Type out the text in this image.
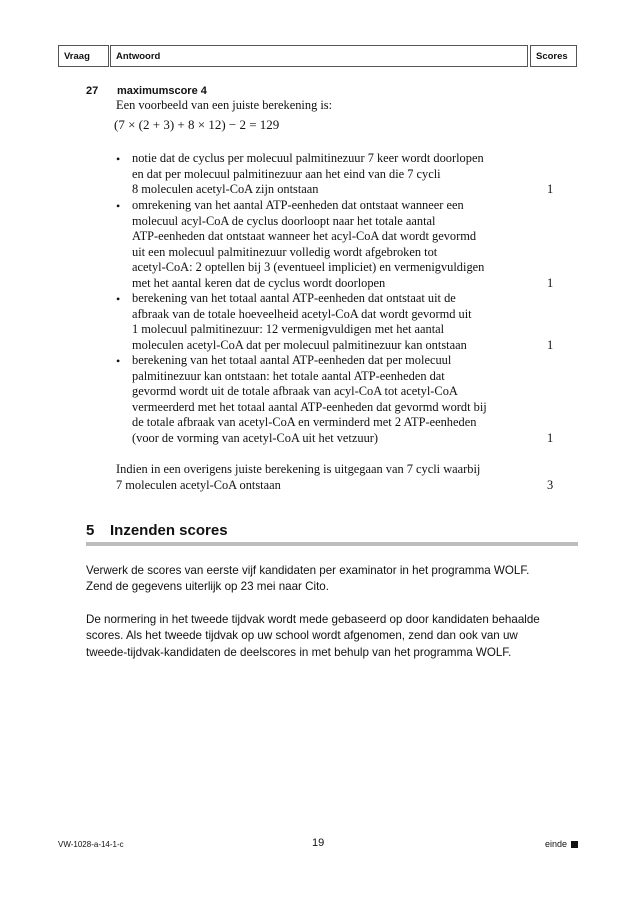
Vraag	Antwoord	Scores
27 maximumscore 4
Een voorbeeld van een juiste berekening is:
(7 × (2 + 3) + 8 × 12) − 2 = 129
• notie dat de cyclus per molecuul palmitinezuur 7 keer wordt doorlopen
en dat per molecuul palmitinezuur aan het eind van die 7 cycli
8 moleculen acetyl-CoA zijn ontstaan	1
• omrekening van het aantal ATP-eenheden dat ontstaat wanneer een
molecuul acyl-CoA de cyclus doorloopt naar het totale aantal
ATP-eenheden dat ontstaat wanneer het acyl-CoA dat wordt gevormd
uit een molecuul palmitinezuur volledig wordt afgebroken tot
acetyl-CoA: 2 optellen bij 3 (eventueel impliciet) en vermenigvuldigen
met het aantal keren dat de cyclus wordt doorlopen	1
• berekening van het totaal aantal ATP-eenheden dat ontstaat uit de
afbraak van de totale hoeveelheid acetyl-CoA dat wordt gevormd uit
1 molecuul palmitinezuur: 12 vermenigvuldigen met het aantal
moleculen acetyl-CoA dat per molecuul palmitinezuur kan ontstaan	1
• berekening van het totaal aantal ATP-eenheden dat per molecuul
palmitinezuur kan ontstaan: het totale aantal ATP-eenheden dat
gevormd wordt uit de totale afbraak van acyl-CoA tot acetyl-CoA
vermeerderd met het totaal aantal ATP-eenheden dat gevormd wordt bij
de totale afbraak van acetyl-CoA en verminderd met 2 ATP-eenheden
(voor de vorming van acetyl-CoA uit het vetzuur)	1
Indien in een overigens juiste berekening is uitgegaan van 7 cycli waarbij
7 moleculen acetyl-CoA ontstaan	3
5 Inzenden scores
Verwerk de scores van eerste vijf kandidaten per examinator in het programma WOLF.
Zend de gegevens uiterlijk op 23 mei naar Cito.
De normering in het tweede tijdvak wordt mede gebaseerd op door kandidaten behaalde
scores. Als het tweede tijdvak op uw school wordt afgenomen, zend dan ook van uw
tweede-tijdvak-kandidaten de deelscores in met behulp van het programma WOLF.
VW-1028-a-14-1-c	19	einde
